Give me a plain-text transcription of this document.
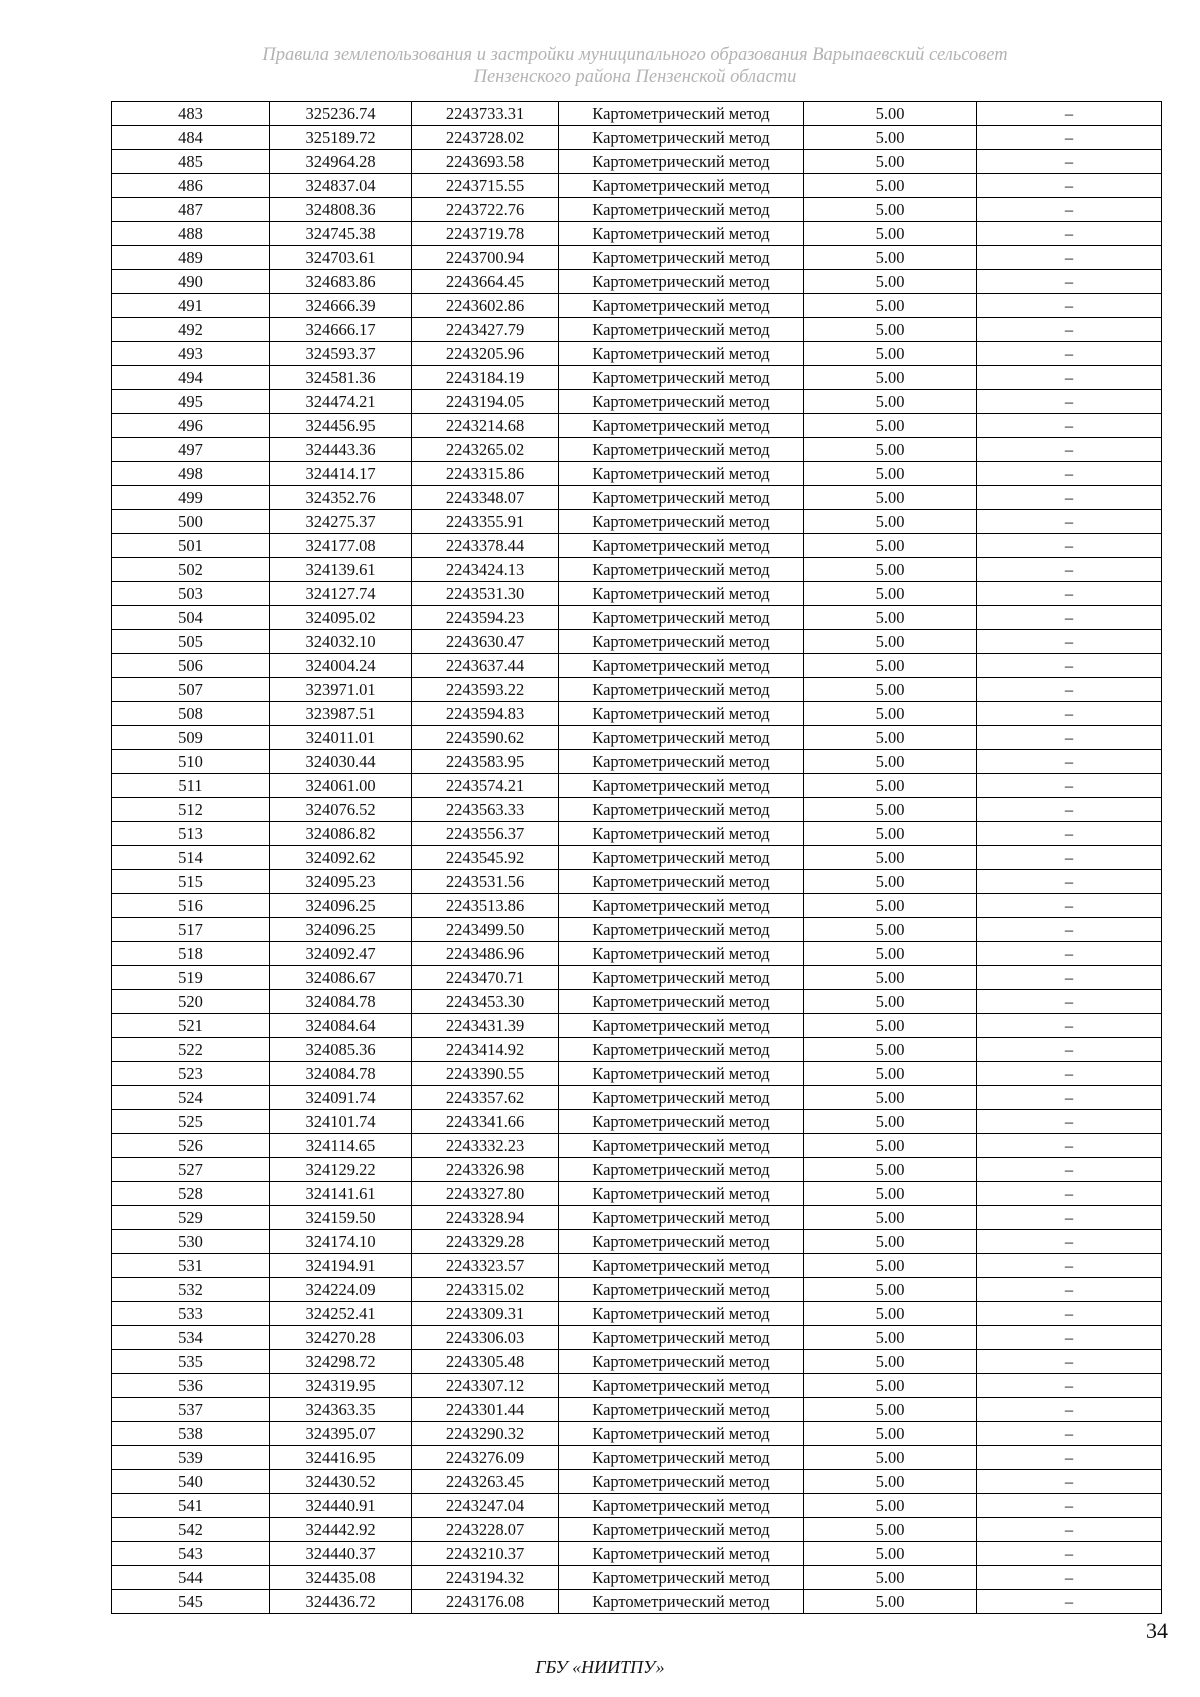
Правила землепользования и застройки муниципального образования Варыпаевский сельсовет
Пензенского района Пензенской области
483	325236.74	2243733.31	Картометрический метод	5.00	–
484	325189.72	2243728.02	Картометрический метод	5.00	–
485	324964.28	2243693.58	Картометрический метод	5.00	–
486	324837.04	2243715.55	Картометрический метод	5.00	–
487	324808.36	2243722.76	Картометрический метод	5.00	–
488	324745.38	2243719.78	Картометрический метод	5.00	–
489	324703.61	2243700.94	Картометрический метод	5.00	–
490	324683.86	2243664.45	Картометрический метод	5.00	–
491	324666.39	2243602.86	Картометрический метод	5.00	–
492	324666.17	2243427.79	Картометрический метод	5.00	–
493	324593.37	2243205.96	Картометрический метод	5.00	–
494	324581.36	2243184.19	Картометрический метод	5.00	–
495	324474.21	2243194.05	Картометрический метод	5.00	–
496	324456.95	2243214.68	Картометрический метод	5.00	–
497	324443.36	2243265.02	Картометрический метод	5.00	–
498	324414.17	2243315.86	Картометрический метод	5.00	–
499	324352.76	2243348.07	Картометрический метод	5.00	–
500	324275.37	2243355.91	Картометрический метод	5.00	–
501	324177.08	2243378.44	Картометрический метод	5.00	–
502	324139.61	2243424.13	Картометрический метод	5.00	–
503	324127.74	2243531.30	Картометрический метод	5.00	–
504	324095.02	2243594.23	Картометрический метод	5.00	–
505	324032.10	2243630.47	Картометрический метод	5.00	–
506	324004.24	2243637.44	Картометрический метод	5.00	–
507	323971.01	2243593.22	Картометрический метод	5.00	–
508	323987.51	2243594.83	Картометрический метод	5.00	–
509	324011.01	2243590.62	Картометрический метод	5.00	–
510	324030.44	2243583.95	Картометрический метод	5.00	–
511	324061.00	2243574.21	Картометрический метод	5.00	–
512	324076.52	2243563.33	Картометрический метод	5.00	–
513	324086.82	2243556.37	Картометрический метод	5.00	–
514	324092.62	2243545.92	Картометрический метод	5.00	–
515	324095.23	2243531.56	Картометрический метод	5.00	–
516	324096.25	2243513.86	Картометрический метод	5.00	–
517	324096.25	2243499.50	Картометрический метод	5.00	–
518	324092.47	2243486.96	Картометрический метод	5.00	–
519	324086.67	2243470.71	Картометрический метод	5.00	–
520	324084.78	2243453.30	Картометрический метод	5.00	–
521	324084.64	2243431.39	Картометрический метод	5.00	–
522	324085.36	2243414.92	Картометрический метод	5.00	–
523	324084.78	2243390.55	Картометрический метод	5.00	–
524	324091.74	2243357.62	Картометрический метод	5.00	–
525	324101.74	2243341.66	Картометрический метод	5.00	–
526	324114.65	2243332.23	Картометрический метод	5.00	–
527	324129.22	2243326.98	Картометрический метод	5.00	–
528	324141.61	2243327.80	Картометрический метод	5.00	–
529	324159.50	2243328.94	Картометрический метод	5.00	–
530	324174.10	2243329.28	Картометрический метод	5.00	–
531	324194.91	2243323.57	Картометрический метод	5.00	–
532	324224.09	2243315.02	Картометрический метод	5.00	–
533	324252.41	2243309.31	Картометрический метод	5.00	–
534	324270.28	2243306.03	Картометрический метод	5.00	–
535	324298.72	2243305.48	Картометрический метод	5.00	–
536	324319.95	2243307.12	Картометрический метод	5.00	–
537	324363.35	2243301.44	Картометрический метод	5.00	–
538	324395.07	2243290.32	Картометрический метод	5.00	–
539	324416.95	2243276.09	Картометрический метод	5.00	–
540	324430.52	2243263.45	Картометрический метод	5.00	–
541	324440.91	2243247.04	Картометрический метод	5.00	–
542	324442.92	2243228.07	Картометрический метод	5.00	–
543	324440.37	2243210.37	Картометрический метод	5.00	–
544	324435.08	2243194.32	Картометрический метод	5.00	–
545	324436.72	2243176.08	Картометрический метод	5.00	–
34
ГБУ «НИИТПУ»
